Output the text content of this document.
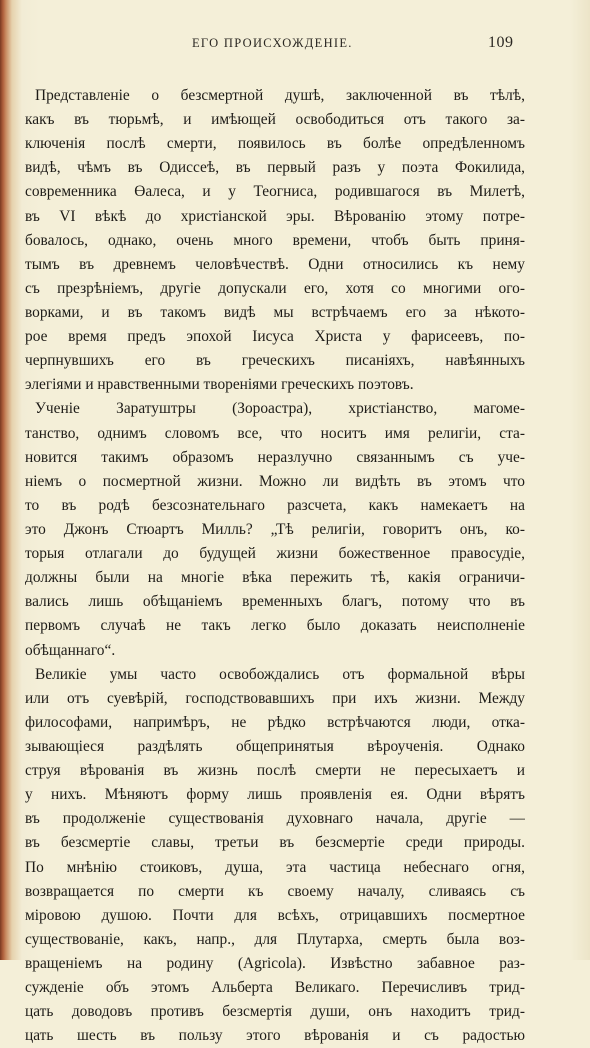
ЕГО ПРОИСХОЖДЕНІЕ.	109
Представленіе о безсмертной душѣ, заключенной въ тѣлѣ,
какъ въ тюрьмѣ, и имѣющей освободиться отъ такого за-
ключенія послѣ смерти, появилось въ болѣе опредѣленномъ
видѣ, чѣмъ въ Одиссеѣ, въ первый разъ у поэта Фокилида,
современника Өалеса, и у Теогниса, родившагося въ Милетѣ,
въ VI вѣкѣ до христіанской эры. Вѣрованію этому потре-
бовалось, однако, очень много времени, чтобъ быть приня-
тымъ въ древнемъ человѣчествѣ. Одни относились къ нему
съ презрѣніемъ, другіе допускали его, хотя со многими ого-
ворками, и въ такомъ видѣ мы встрѣчаемъ его за нѣкото-
рое время предъ эпохой Іисуса Христа у фарисеевъ, по-
черпнувшихъ его въ греческихъ писаніяхъ, навѣянныхъ
элегіями и нравственными твореніями греческихъ поэтовъ.
Ученіе Заратуштры (Зороастра), христіанство, магоме-
танство, однимъ словомъ все, что носитъ имя религіи, ста-
новится такимъ образомъ неразлучно связаннымъ съ уче-
ніемъ о посмертной жизни. Можно ли видѣть въ этомъ что
то въ родѣ безсознательнаго разсчета, какъ намекаетъ на
это Джонъ Стюартъ Милль? „Тѣ религіи, говоритъ онъ, ко-
торыя отлагали до будущей жизни божественное правосудіе,
должны были на многіе вѣка пережить тѣ, какія ограничи-
вались лишь обѣщаніемъ временныхъ благъ, потому что въ
первомъ случаѣ не такъ легко было доказать неисполненіе
обѣщаннаго“.
Великіе умы часто освобождались отъ формальной вѣры
или отъ суевѣрій, господствовавшихъ при ихъ жизни. Между
философами, напримѣръ, не рѣдко встрѣчаются люди, отка-
зывающіеся раздѣлять общепринятыя вѣроученія. Однако
струя вѣрованія въ жизнь послѣ смерти не пересыхаетъ и
у нихъ. Мѣняютъ форму лишь проявленія ея. Одни вѣрятъ
въ продолженіе существованія духовнаго начала, другіе —
въ безсмертіе славы, третьи въ безсмертіе среди природы.
По мнѣнію стоиковъ, душа, эта частица небеснаго огня,
возвращается по смерти къ своему началу, сливаясь съ
міровою душою. Почти для всѣхъ, отрицавшихъ посмертное
существованіе, какъ, напр., для Плутарха, смерть была воз-
вращеніемъ на родину (Agricola). Извѣстно забавное раз-
сужденіе объ этомъ Альберта Великаго. Перечисливъ трид-
цать доводовъ противъ безсмертія души, онъ находитъ трид-
цать шесть въ пользу этого вѣрованія и съ радостью
